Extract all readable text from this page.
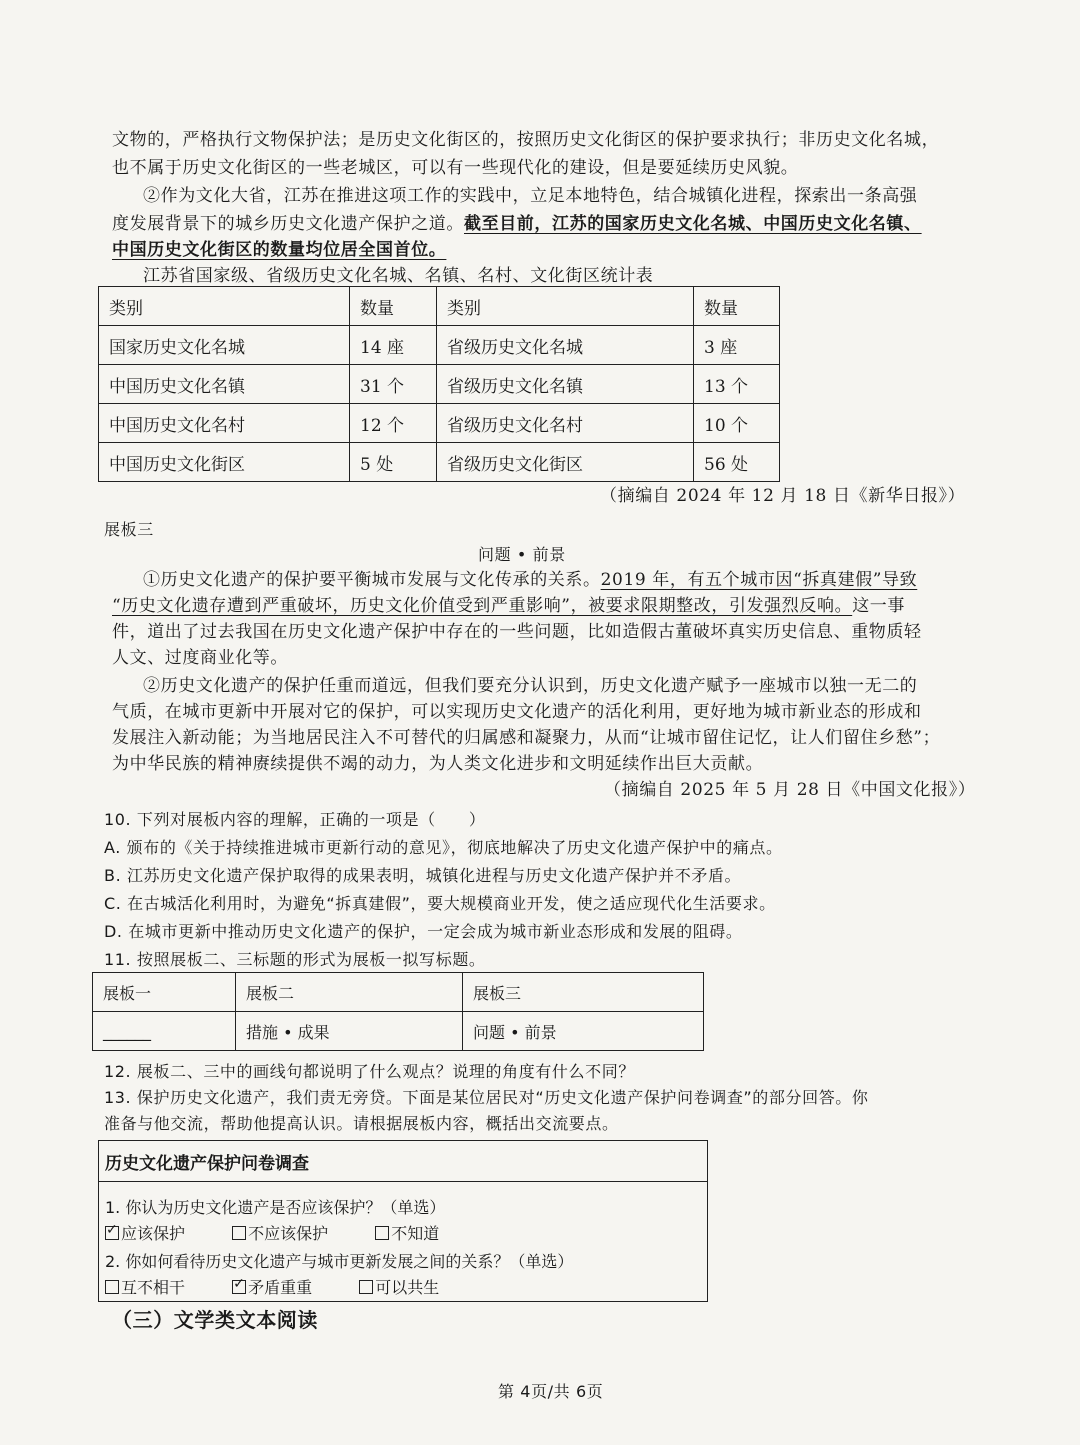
文物的，严格执行文物保护法；是历史文化街区的，按照历史文化街区的保护要求执行；非历史文化名城，
也不属于历史文化街区的一些老城区，可以有一些现代化的建设，但是要延续历史风貌。
②作为文化大省，江苏在推进这项工作的实践中，立足本地特色，结合城镇化进程，探索出一条高强
度发展背景下的城乡历史文化遗产保护之道。截至目前，江苏的国家历史文化名城、中国历史文化名镇、
中国历史文化街区的数量均位居全国首位。
江苏省国家级、省级历史文化名城、名镇、名村、文化街区统计表
类别	数量	类别	数量
国家历史文化名城	14 座	省级历史文化名城	3 座
中国历史文化名镇	31 个	省级历史文化名镇	13 个
中国历史文化名村	12 个	省级历史文化名村	10 个
中国历史文化街区	5 处	省级历史文化街区	56 处
（摘编自 2024 年 12 月 18 日《新华日报》）
展板三
问题 • 前景
①历史文化遗产的保护要平衡城市发展与文化传承的关系。2019 年，有五个城市因“拆真建假”导致
“历史文化遗存遭到严重破坏，历史文化价值受到严重影响”，被要求限期整改，引发强烈反响。这一事
件，道出了过去我国在历史文化遗产保护中存在的一些问题，比如造假古董破坏真实历史信息、重物质轻
人文、过度商业化等。
②历史文化遗产的保护任重而道远，但我们要充分认识到，历史文化遗产赋予一座城市以独一无二的
气质，在城市更新中开展对它的保护，可以实现历史文化遗产的活化利用，更好地为城市新业态的形成和
发展注入新动能；为当地居民注入不可替代的归属感和凝聚力，从而“让城市留住记忆，让人们留住乡愁”；
为中华民族的精神赓续提供不竭的动力，为人类文化进步和文明延续作出巨大贡献。
（摘编自 2025 年 5 月 28 日《中国文化报》）
10. 下列对展板内容的理解，正确的一项是（　　）
A. 颁布的《关于持续推进城市更新行动的意见》，彻底地解决了历史文化遗产保护中的痛点。
B. 江苏历史文化遗产保护取得的成果表明，城镇化进程与历史文化遗产保护并不矛盾。
C. 在古城活化利用时，为避免“拆真建假”，要大规模商业开发，使之适应现代化生活要求。
D. 在城市更新中推动历史文化遗产的保护，一定会成为城市新业态形成和发展的阻碍。
11. 按照展板二、三标题的形式为展板一拟写标题。
展板一	展板二	展板三
______	措施 • 成果	问题 • 前景
12. 展板二、三中的画线句都说明了什么观点？说理的角度有什么不同？
13. 保护历史文化遗产，我们责无旁贷。下面是某位居民对“历史文化遗产保护问卷调查”的部分回答。你
准备与他交流，帮助他提高认识。请根据展板内容，概括出交流要点。
历史文化遗产保护问卷调查
1. 你认为历史文化遗产是否应该保护？（单选）
✓应该保护	不应该保护	不知道
2. 你如何看待历史文化遗产与城市更新发展之间的关系？（单选）
互不相干 ✓	矛盾重重	可以共生
（三）文学类文本阅读
第 4页/共 6页
